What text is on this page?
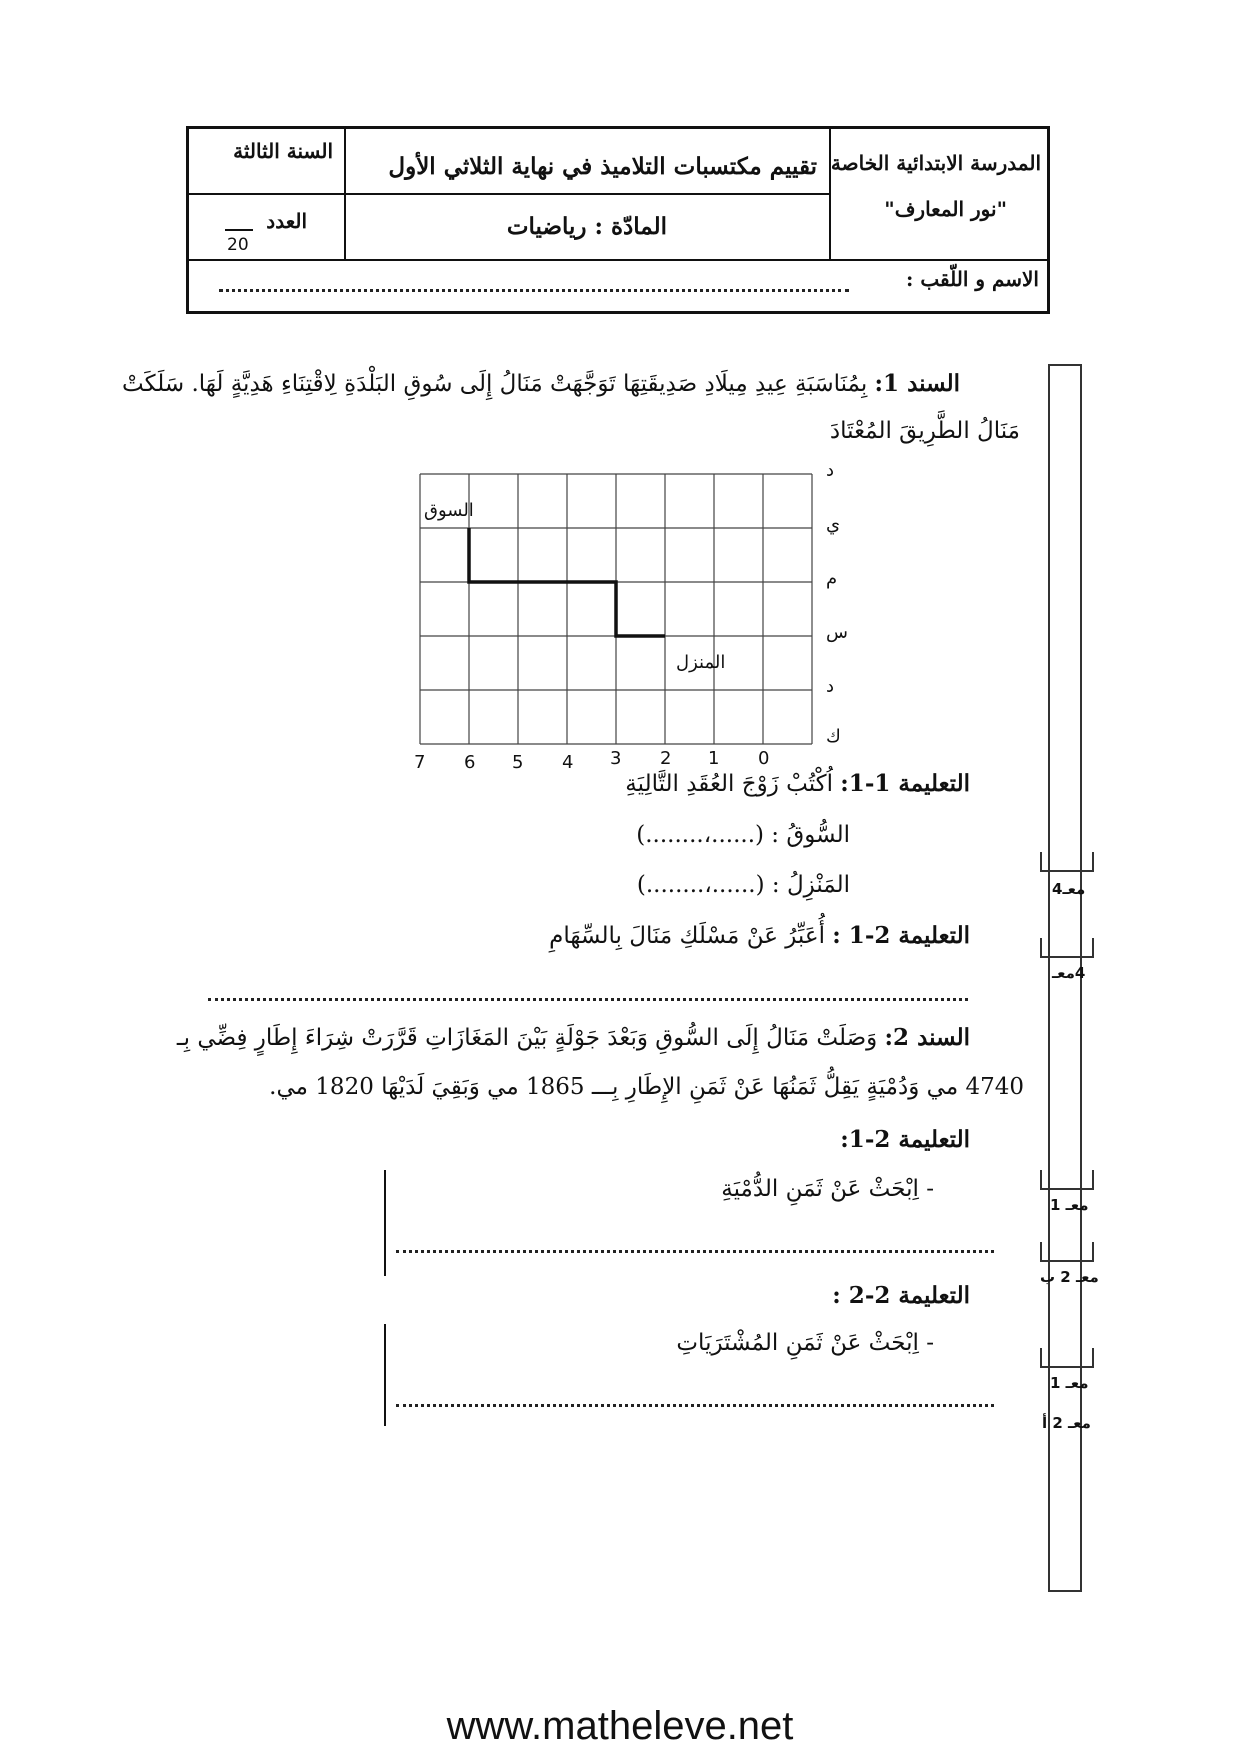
المدرسة الابتدائية الخاصة
"نور المعارف"
تقييم مكتسبات التلاميذ في نهاية الثلاثي الأول
المادّة : رياضيات
السنة الثالثة
العدد
20
الاسم و اللّقب :
معـ4
4معـ
معـ 1
معـ 2 ب
معـ 1
معـ 2 أ
السند 1: بِمُنَاسَبَةِ عِيدِ مِيلَادِ صَدِيقَتِهَا تَوَجَّهَتْ مَنَالُ إِلَى سُوقِ البَلْدَةِ لِاقْتِنَاءِ هَدِيَّةٍ لَهَا. سَلَكَتْ
مَنَالُ الطَّرِيقَ المُعْتَادَ
السوق
المنزل
د
ي
م
س
د
ك
0
1
2
3
4
5
6
7
التعليمة 1-1: اُكْتُبْ زَوْجَ العُقَدِ التَّالِيَةِ
السُّوقُ : (......،........)
المَنْزِلُ : (......،........)
التعليمة 2-1 : أُعَبِّرُ عَنْ مَسْلَكِ مَنَالَ بِالسِّهَامِ
السند 2: وَصَلَتْ مَنَالُ إِلَى السُّوقِ وَبَعْدَ جَوْلَةٍ بَيْنَ المَغَازَاتِ قَرَّرَتْ شِرَاءَ إِطَارٍ فِضِّي بِـ
4740 مي وَدُمْيَةٍ يَقِلُّ ثَمَنُهَا عَنْ ثَمَنِ الإِطَارِ بِـــ 1865 مي وَبَقِيَ لَدَيْهَا 1820 مي.
التعليمة 2-1:
- اِبْحَثْ عَنْ ثَمَنِ الدُّمْيَةِ
التعليمة 2-2 :
- اِبْحَثْ عَنْ ثَمَنِ المُشْتَرَيَاتِ
www.matheleve.net
